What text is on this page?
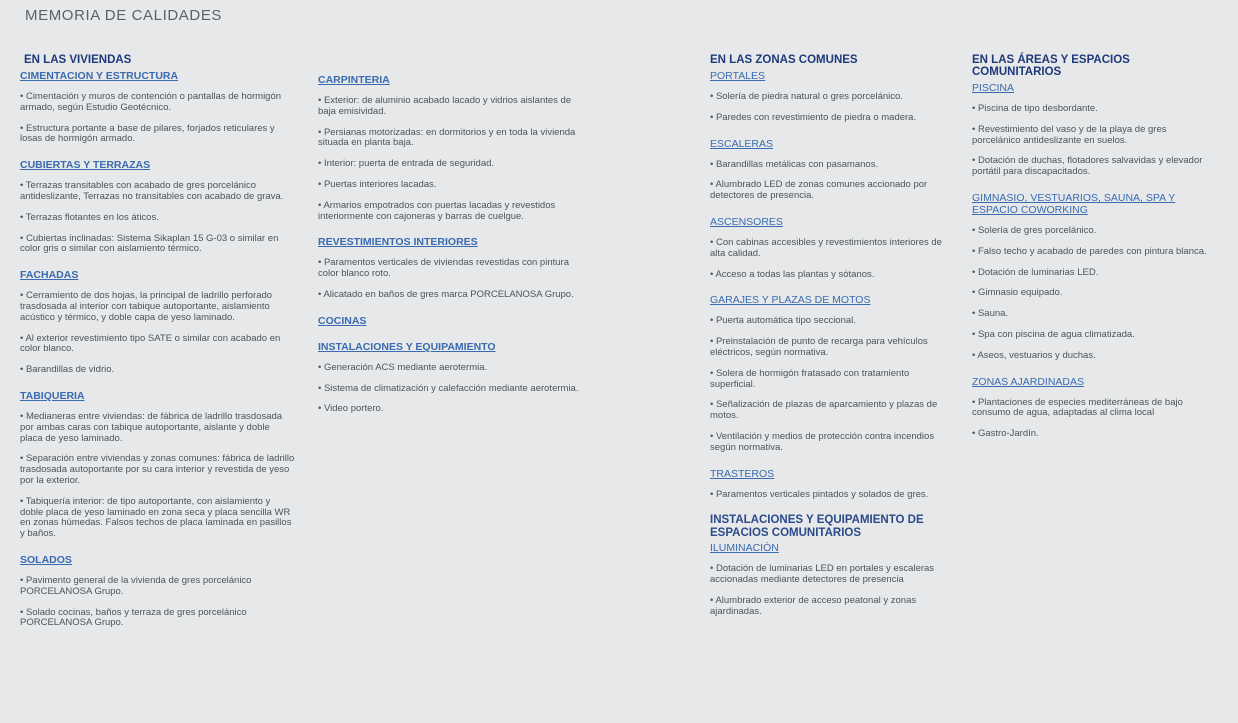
MEMORIA DE CALIDADES
EN LAS VIVIENDAS
CIMENTACION Y ESTRUCTURA
• Cimentación y muros de contención o pantallas de hormigón armado, según Estudio Geotécnico.
• Estructura portante a base de pilares, forjados reticulares y losas de hormigón armado.
CUBIERTAS Y TERRAZAS
• Terrazas transitables con acabado de gres porcelánico antideslizante, Terrazas no transitables con acabado de grava.
• Terrazas flotantes en los áticos.
• Cubiertas inclinadas: Sistema Sikaplan 15 G-03 o similar en color gris o similar con aislamiento térmico.
FACHADAS
• Cerramiento de dos hojas, la principal de ladrillo perforado trasdosada al interior con tabique autoportante, aislamiento acústico y térmico, y doble capa de yeso laminado.
• Al exterior revestimiento tipo SATE o similar con acabado en color blanco.
• Barandillas de vidrio.
TABIQUERIA
• Medianeras entre viviendas: de fábrica de ladrillo trasdosada por ambas caras con tabique autoportante, aislante y doble placa de yeso laminado.
• Separación entre viviendas y zonas comunes: fábrica de ladrillo trasdosada autoportante por su cara interior y revestida de yeso por la exterior.
• Tabiquería interior: de tipo autoportante, con aislamiento y doble placa de yeso laminado en zona seca y placa sencilla WR en zonas húmedas. Falsos techos de placa laminada en pasillos y baños.
SOLADOS
• Pavimento general de la vivienda de gres porcelánico PORCELANOSA Grupo.
• Solado cocinas, baños y terraza de gres porcelánico PORCELANOSA Grupo.
CARPINTERIA
• Exterior: de aluminio acabado lacado y vidrios aislantes de baja emisividad.
• Persianas motorizadas: en dormitorios y en toda la vivienda situada en planta baja.
• Interior: puerta de entrada de seguridad.
• Puertas interiores lacadas.
• Armarios empotrados con puertas lacadas y revestidos interiormente con cajoneras y barras de cuelgue.
REVESTIMIENTOS INTERIORES
• Paramentos verticales de viviendas revestidas con pintura color blanco roto.
• Alicatado en baños de gres marca PORCELANOSA Grupo.
COCINAS
INSTALACIONES Y EQUIPAMIENTO
• Generación ACS mediante aerotermia.
• Sistema de climatización y calefacción mediante aerotermia.
• Video portero.
EN LAS ZONAS COMUNES
PORTALES
• Solería de piedra natural o gres porcelánico.
• Paredes con revestimiento de piedra o madera.
ESCALERAS
• Barandillas metálicas con pasamanos.
• Alumbrado LED de zonas comunes accionado por detectores de presencia.
ASCENSORES
• Con cabinas accesibles y revestimientos interiores de alta calidad.
• Acceso a todas las plantas y sótanos.
GARAJES Y PLAZAS DE MOTOS
• Puerta automática tipo seccional.
• Preinstalación de punto de recarga para vehículos eléctricos, según normativa.
• Solera de hormigón fratasado con tratamiento superficial.
• Señalización de plazas de aparcamiento y plazas de motos.
• Ventilación y medios de protección contra incendios según normativa.
TRASTEROS
• Paramentos verticales pintados y solados de gres.
INSTALACIONES Y EQUIPAMIENTO DE ESPACIOS COMUNITARIOS
ILUMINACIÓN
• Dotación de luminarias LED en portales y escaleras accionadas mediante detectores de presencia
• Alumbrado exterior de acceso peatonal y zonas ajardinadas.
EN LAS ÁREAS Y ESPACIOS COMUNITARIOS
PISCINA
• Piscina de tipo desbordante.
• Revestimiento del vaso y de la playa de gres porcelánico antideslizante en suelos.
• Dotación de duchas, flotadores salvavidas y elevador portátil para discapacitados.
GIMNASIO, VESTUARIOS, SAUNA, SPA Y ESPACIO COWORKING
• Solería de gres porcelánico.
• Falso techo y acabado de paredes con pintura blanca.
• Dotación de luminarias LED.
• Gimnasio equipado.
• Sauna.
• Spa con piscina de agua climatizada.
• Aseos, vestuarios y duchas.
ZONAS AJARDINADAS
• Plantaciones de especies mediterráneas de bajo consumo de agua, adaptadas al clima local
• Gastro-Jardín.
